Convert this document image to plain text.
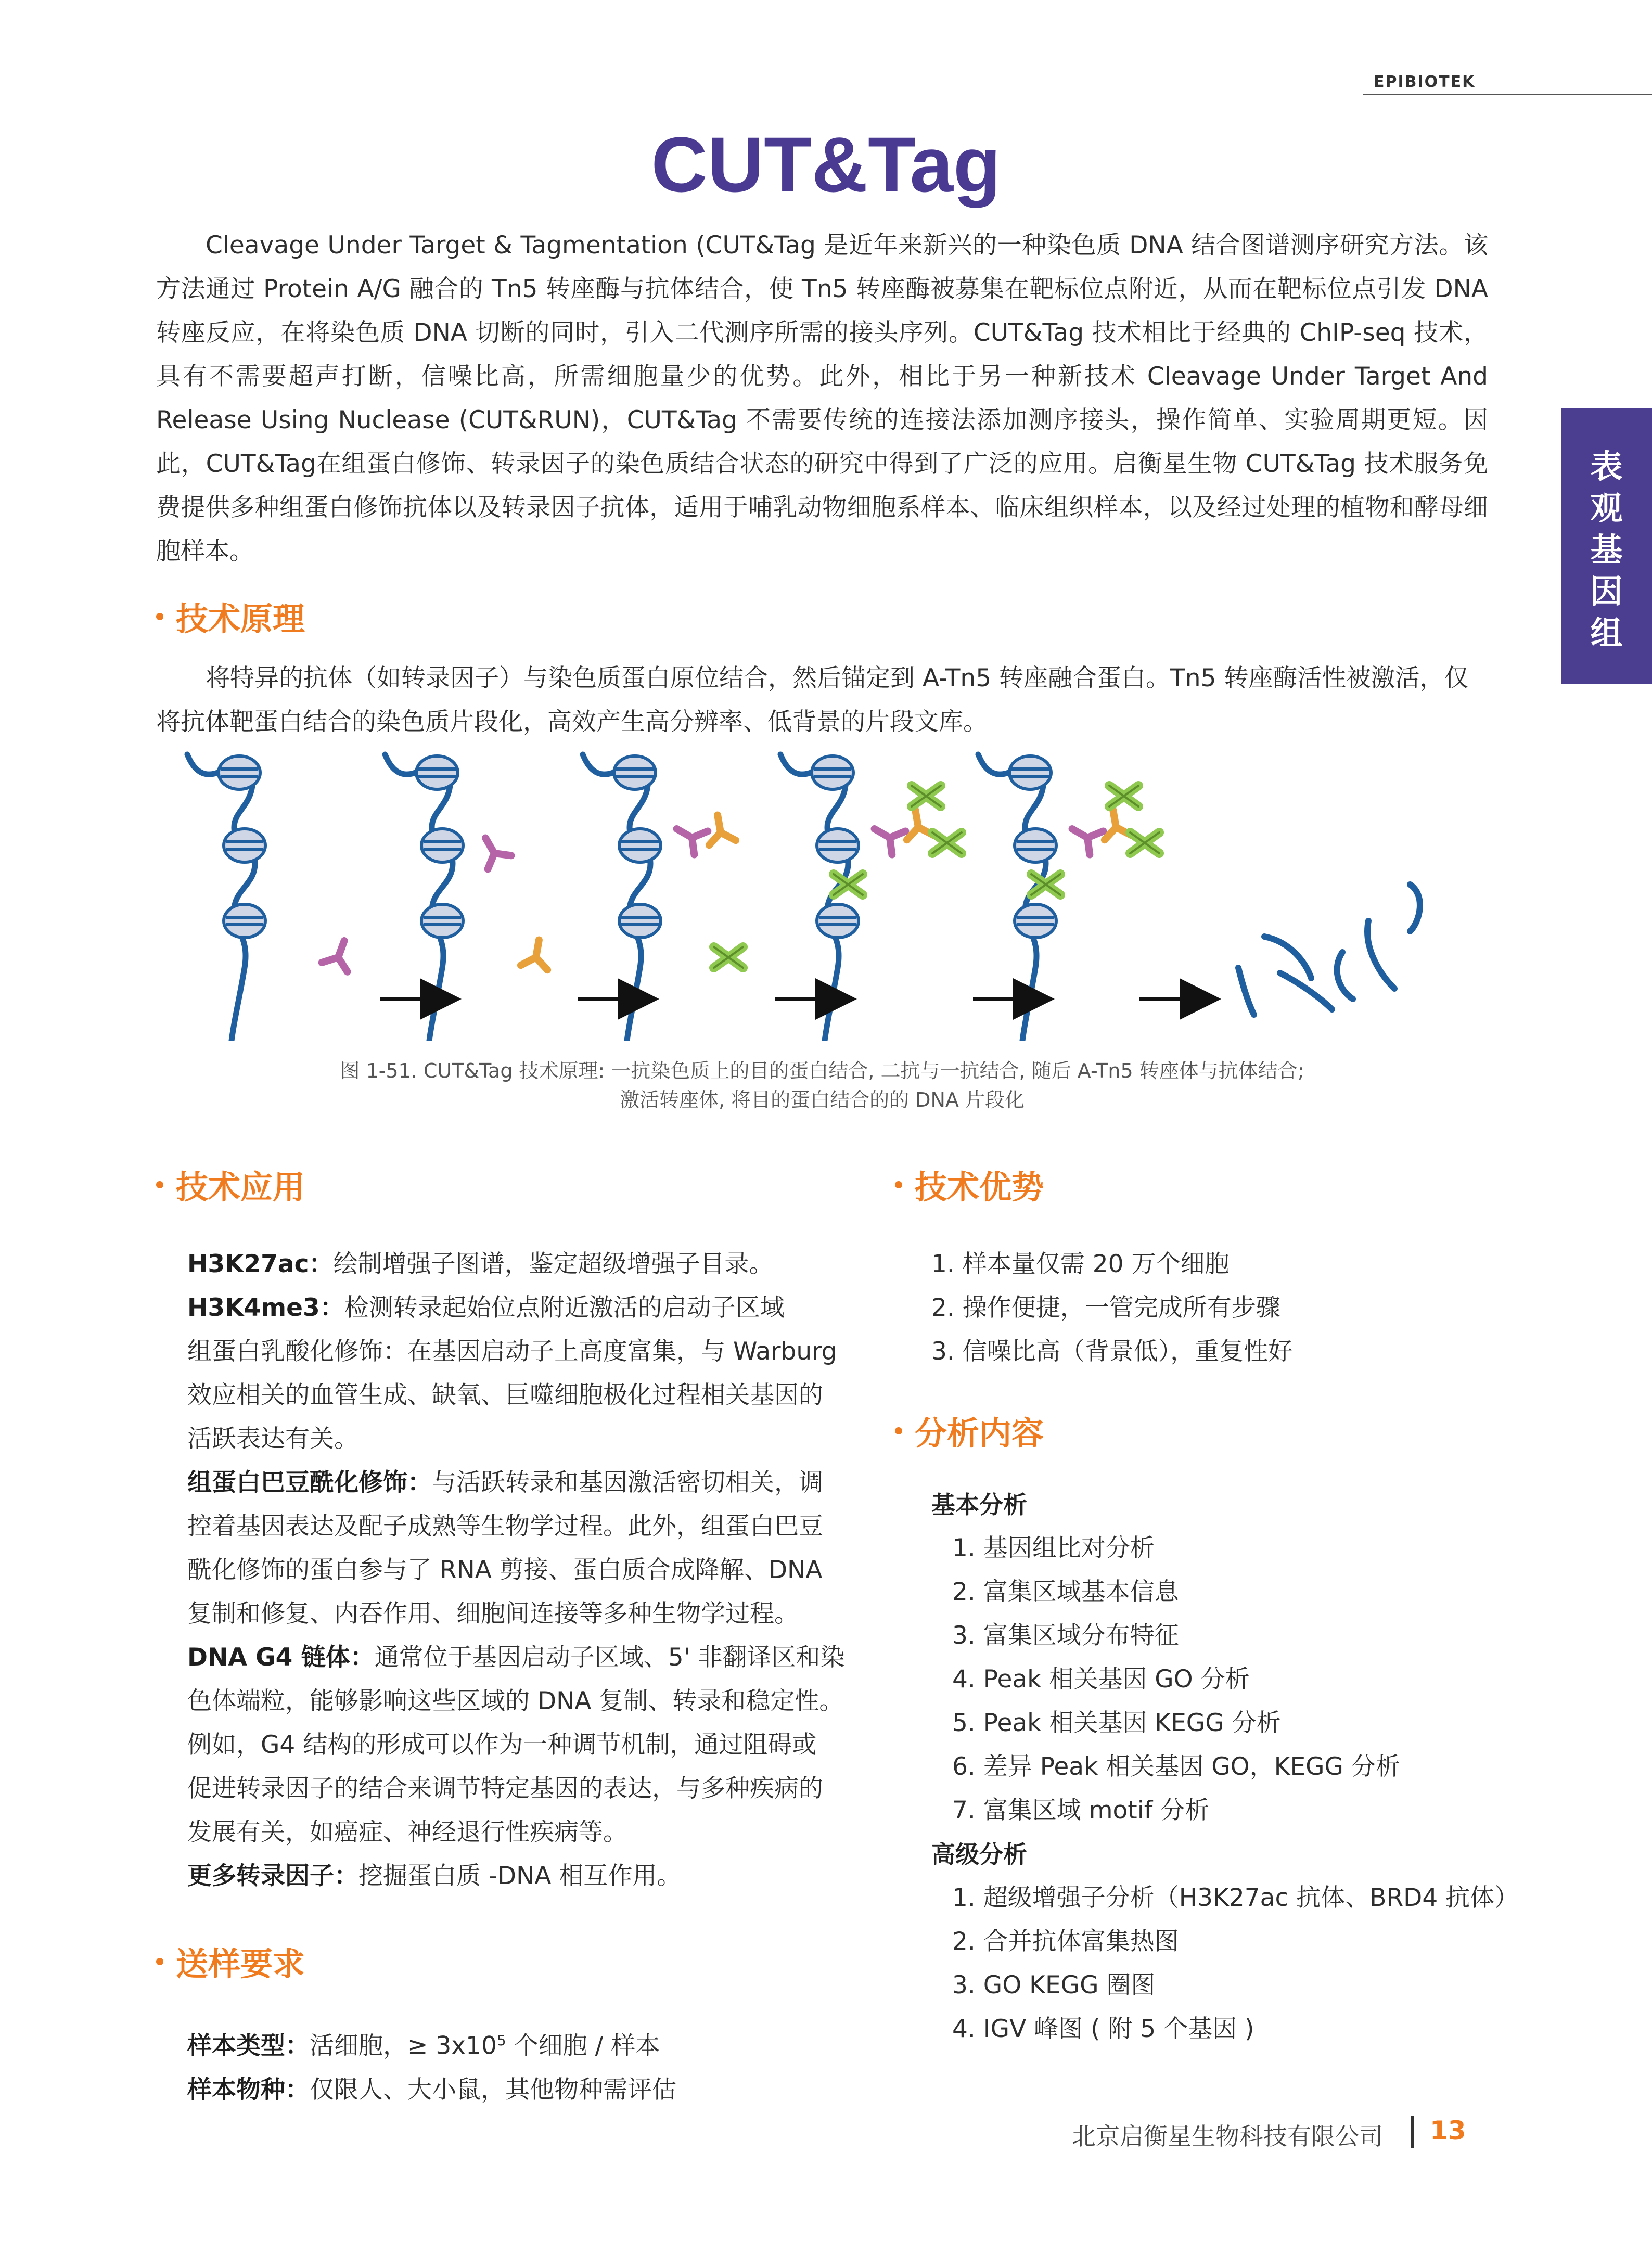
EPIBIOTEK
CUT&Tag
Cleavage Under Target & Tagmentation (CUT&Tag 是近年来新兴的一种染色质 DNA 结合图谱测序研究方法。该方法通过 Protein A/G 融合的 Tn5 转座酶与抗体结合，使 Tn5 转座酶被募集在靶标位点附近，从而在靶标位点引发 DNA 转座反应，在将染色质 DNA 切断的同时，引入二代测序所需的接头序列。CUT&Tag 技术相比于经典的 ChIP-seq 技术，具有不需要超声打断，信噪比高，所需细胞量少的优势。此外，相比于另一种新技术 Cleavage Under Target And Release Using Nuclease (CUT&RUN)，CUT&Tag 不需要传统的连接法添加测序接头，操作简单、实验周期更短。因此，CUT&Tag在组蛋白修饰、转录因子的染色质结合状态的研究中得到了广泛的应用。启衡星生物 CUT&Tag 技术服务免费提供多种组蛋白修饰抗体以及转录因子抗体，适用于哺乳动物细胞系样本、临床组织样本，以及经过处理的植物和酵母细胞样本。
表
观
基
因
组
技术原理
将特异的抗体（如转录因子）与染色质蛋白原位结合，然后锚定到 A-Tn5 转座融合蛋白。Tn5 转座酶活性被激活，仅将抗体靶蛋白结合的染色质片段化，高效产生高分辨率、低背景的片段文库。
图 1-51. CUT&Tag 技术原理: 一抗染色质上的目的蛋白结合, 二抗与一抗结合, 随后 A-Tn5 转座体与抗体结合;
激活转座体, 将目的蛋白结合的的 DNA 片段化
技术应用
H3K27ac：绘制增强子图谱，鉴定超级增强子目录。
H3K4me3：检测转录起始位点附近激活的启动子区域
组蛋白乳酸化修饰：在基因启动子上高度富集，与 Warburg
效应相关的血管生成、缺氧、巨噬细胞极化过程相关基因的
活跃表达有关。
组蛋白巴豆酰化修饰：与活跃转录和基因激活密切相关，调
控着基因表达及配子成熟等生物学过程。此外，组蛋白巴豆
酰化修饰的蛋白参与了 RNA 剪接、蛋白质合成降解、DNA
复制和修复、内吞作用、细胞间连接等多种生物学过程。
DNA G4 链体：通常位于基因启动子区域、5' 非翻译区和染
色体端粒，能够影响这些区域的 DNA 复制、转录和稳定性。
例如，G4 结构的形成可以作为一种调节机制，通过阻碍或
促进转录因子的结合来调节特定基因的表达，与多种疾病的
发展有关，如癌症、神经退行性疾病等。
更多转录因子：挖掘蛋白质 -DNA 相互作用。
送样要求
样本类型：活细胞，≥ $3x10^5$ 个细胞 / 样本
样本物种：仅限人、大小鼠，其他物种需评估
技术优势
1. 样本量仅需 20 万个细胞
2. 操作便捷，一管完成所有步骤
3. 信噪比高（背景低），重复性好
分析内容
基本分析
1. 基因组比对分析
2. 富集区域基本信息
3. 富集区域分布特征
4. Peak 相关基因 GO 分析
5. Peak 相关基因 KEGG 分析
6. 差异 Peak 相关基因 GO，KEGG 分析
7. 富集区域 motif 分析
高级分析
1. 超级增强子分析（H3K27ac 抗体、BRD4 抗体）
2. 合并抗体富集热图
3. GO KEGG 圈图
4. IGV 峰图 ( 附 5 个基因 )
北京启衡星生物科技有限公司 13
